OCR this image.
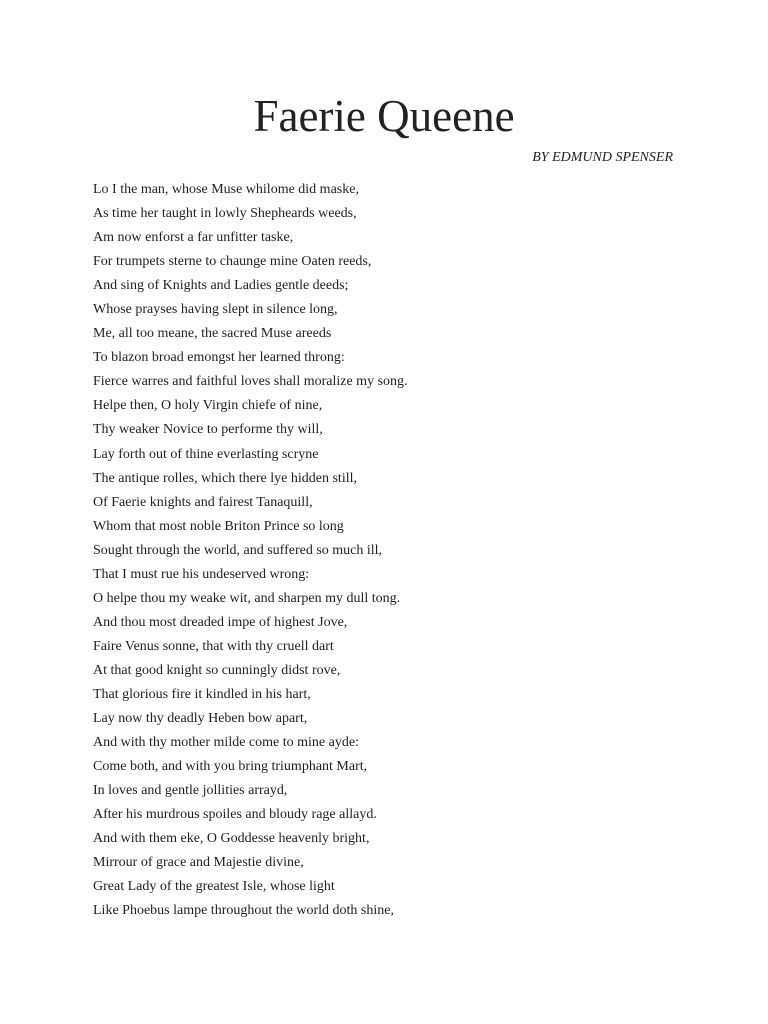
Faerie Queene
BY EDMUND SPENSER
Lo I the man, whose Muse whilome did maske,
As time her taught in lowly Shepheards weeds,
Am now enforst a far unfitter taske,
For trumpets sterne to chaunge mine Oaten reeds,
And sing of Knights and Ladies gentle deeds;
Whose prayses having slept in silence long,
Me, all too meane, the sacred Muse areeds
To blazon broad emongst her learned throng:
Fierce warres and faithful loves shall moralize my song.
Helpe then, O holy Virgin chiefe of nine,
Thy weaker Novice to performe thy will,
Lay forth out of thine everlasting scryne
The antique rolles, which there lye hidden still,
Of Faerie knights and fairest Tanaquill,
Whom that most noble Briton Prince so long
Sought through the world, and suffered so much ill,
That I must rue his undeserved wrong:
O helpe thou my weake wit, and sharpen my dull tong.
And thou most dreaded impe of highest Jove,
Faire Venus sonne, that with thy cruell dart
At that good knight so cunningly didst rove,
That glorious fire it kindled in his hart,
Lay now thy deadly Heben bow apart,
And with thy mother milde come to mine ayde:
Come both, and with you bring triumphant Mart,
In loves and gentle jollities arrayd,
After his murdrous spoiles and bloudy rage allayd.
And with them eke, O Goddesse heavenly bright,
Mirrour of grace and Majestie divine,
Great Lady of the greatest Isle, whose light
Like Phoebus lampe throughout the world doth shine,
